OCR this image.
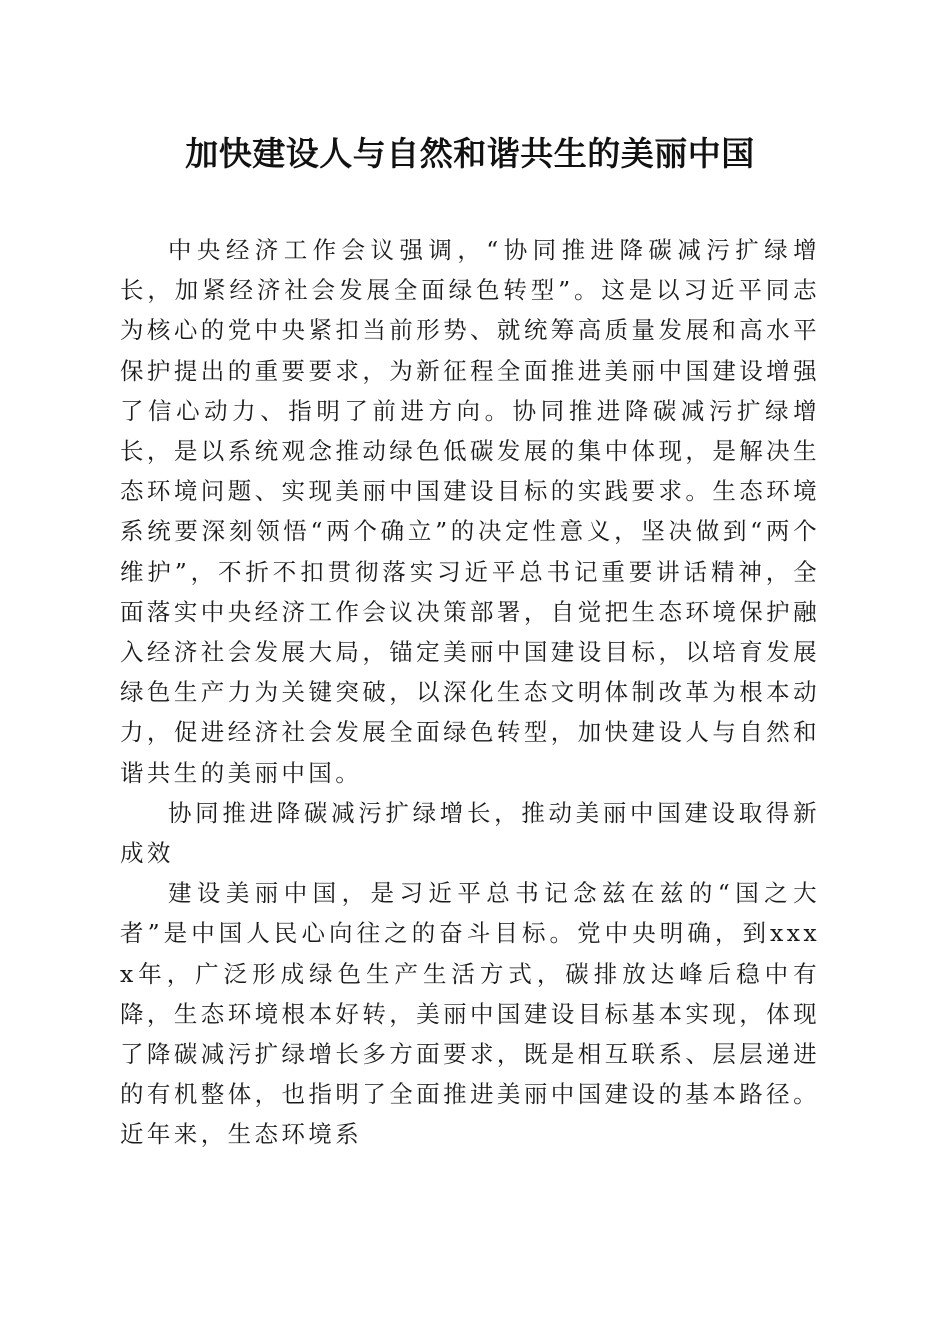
加快建设人与自然和谐共生的美丽中国

中央经济工作会议强调，“协同推进降碳减污扩绿增长，加紧经济社会发展全面绿色转型”。这是以习近平同志为核心的党中央紧扣当前形势、就统筹高质量发展和高水平保护提出的重要要求，为新征程全面推进美丽中国建设增强了信心动力、指明了前进方向。协同推进降碳减污扩绿增长，是以系统观念推动绿色低碳发展的集中体现，是解决生态环境问题、实现美丽中国建设目标的实践要求。生态环境系统要深刻领悟“两个确立”的决定性意义，坚决做到“两个维护”，不折不扣贯彻落实习近平总书记重要讲话精神，全面落实中央经济工作会议决策部署，自觉把生态环境保护融入经济社会发展大局，锚定美丽中国建设目标，以培育发展绿色生产力为关键突破，以深化生态文明体制改革为根本动力，促进经济社会发展全面绿色转型，加快建设人与自然和谐共生的美丽中国。

协同推进降碳减污扩绿增长，推动美丽中国建设取得新成效

建设美丽中国，是习近平总书记念兹在兹的“国之大者”是中国人民心向往之的奋斗目标。党中央明确，到xxxx年，广泛形成绿色生产生活方式，碳排放达峰后稳中有降，生态环境根本好转，美丽中国建设目标基本实现，体现了降碳减污扩绿增长多方面要求，既是相互联系、层层递进的有机整体，也指明了全面推进美丽中国建设的基本路径。近年来，生态环境系
